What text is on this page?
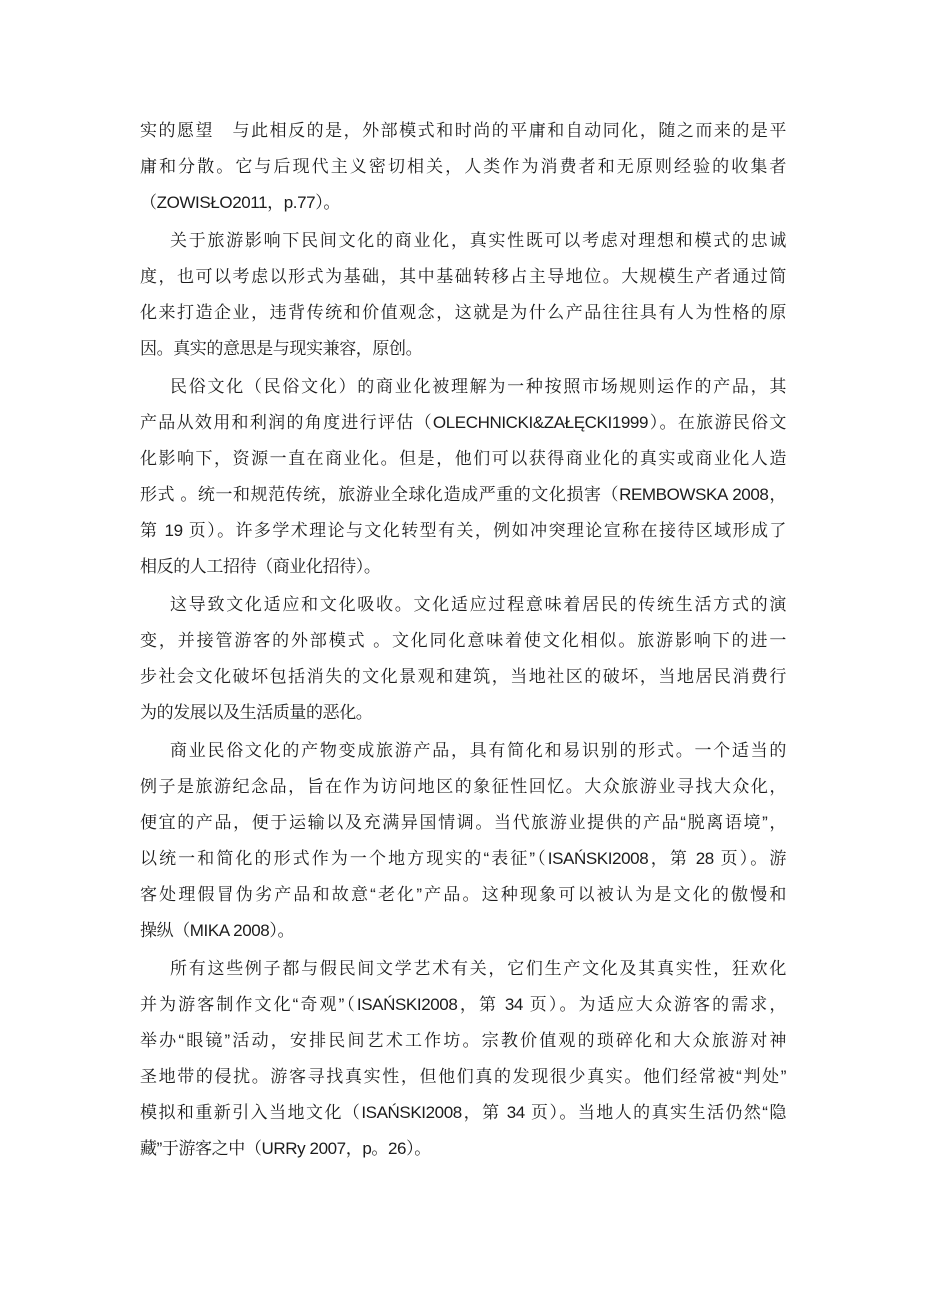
实的愿望　与此相反的是，外部模式和时尚的平庸和自动同化，随之而来的是平
庸和分散。它与后现代主义密切相关，人类作为消费者和无原则经验的收集者
（ZOWISŁO2011，p.77）。
关于旅游影响下民间文化的商业化，真实性既可以考虑对理想和模式的忠诚
度，也可以考虑以形式为基础，其中基础转移占主导地位。大规模生产者通过简
化来打造企业，违背传统和价值观念，这就是为什么产品往往具有人为性格的原
因。真实的意思是与现实兼容，原创。
民俗文化（民俗文化）的商业化被理解为一种按照市场规则运作的产品，其
产品从效用和利润的角度进行评估（OLECHNICKI&ZAŁĘCKI1999）。在旅游民俗文
化影响下，资源一直在商业化。但是，他们可以获得商业化的真实或商业化人造
形式 。统一和规范传统，旅游业全球化造成严重的文化损害（REMBOWSKA 2008，
第 19 页）。许多学术理论与文化转型有关，例如冲突理论宣称在接待区域形成了
相反的人工招待（商业化招待）。
这导致文化适应和文化吸收。文化适应过程意味着居民的传统生活方式的演
变，并接管游客的外部模式 。文化同化意味着使文化相似。旅游影响下的进一
步社会文化破坏包括消失的文化景观和建筑，当地社区的破坏，当地居民消费行
为的发展以及生活质量的恶化。
商业民俗文化的产物变成旅游产品，具有简化和易识别的形式。一个适当的
例子是旅游纪念品，旨在作为访问地区的象征性回忆。大众旅游业寻找大众化，
便宜的产品，便于运输以及充满异国情调。当代旅游业提供的产品“脱离语境”，
以统一和简化的形式作为一个地方现实的“表征”（ISAŃSKI2008，第 28 页）。游
客处理假冒伪劣产品和故意“老化”产品。这种现象可以被认为是文化的傲慢和
操纵（MIKA 2008）。
所有这些例子都与假民间文学艺术有关，它们生产文化及其真实性，狂欢化
并为游客制作文化“奇观”（ISAŃSKI2008，第 34 页）。为适应大众游客的需求，
举办“眼镜”活动，安排民间艺术工作坊。宗教价值观的琐碎化和大众旅游对神
圣地带的侵扰。游客寻找真实性，但他们真的发现很少真实。他们经常被“判处”
模拟和重新引入当地文化（ISAŃSKI2008，第 34 页）。当地人的真实生活仍然“隐
藏”于游客之中（URRy 2007，p。26）。
